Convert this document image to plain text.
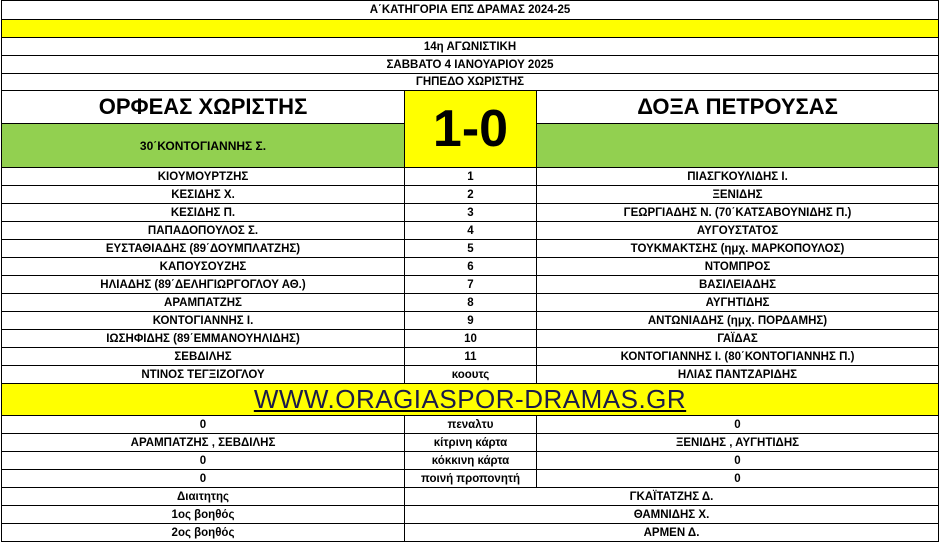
Α΄ΚΑΤΗΓΟΡΙΑ ΕΠΣ ΔΡΑΜΑΣ 2024-25		

14η ΑΓΩΝΙΣΤΙΚΗ		
ΣΑΒΒΑΤΟ 4 ΙΑΝΟΥΑΡΙΟΥ 2025		
ΓΗΠΕΔΟ ΧΩΡΙΣΤΗΣ		
ΟΡΦΕΑΣ ΧΩΡΙΣΤΗΣ	1-0	ΔΟΞΑ ΠΕΤΡΟΥΣΑΣ
30΄ΚΟΝΤΟΓΙΑΝΝΗΣ Σ.		
ΚΙΟΥΜΟΥΡΤΖΗΣ	1	ΠΙΑΣΓΚΟΥΛΙΔΗΣ Ι.
ΚΕΣΙΔΗΣ Χ.	2	ΞΕΝΙΔΗΣ
ΚΕΣΙΔΗΣ Π.	3	ΓΕΩΡΓΙΑΔΗΣ Ν. (70΄ΚΑΤΣΑΒΟΥΝΙΔΗΣ Π.)
ΠΑΠΑΔΟΠΟΥΛΟΣ Σ.	4	ΑΥΓΟΥΣΤΑΤΟΣ
ΕΥΣΤΑΘΙΑΔΗΣ (89΄ΔΟΥΜΠΛΑΤΖΗΣ)	5	ΤΟΥΚΜΑΚΤΣΗΣ (ημχ. ΜΑΡΚΟΠΟΥΛΟΣ)
ΚΑΠΟΥΣΟΥΖΗΣ	6	ΝΤΟΜΠΡΟΣ
ΗΛΙΑΔΗΣ (89΄ΔΕΛΗΓΙΩΡΓΟΓΛΟΥ ΑΘ.)	7	ΒΑΣΙΛΕΙΑΔΗΣ
ΑΡΑΜΠΑΤΖΗΣ	8	ΑΥΓΗΤΙΔΗΣ
ΚΟΝΤΟΓΙΑΝΝΗΣ Ι.	9	ΑΝΤΩΝΙΑΔΗΣ (ημχ. ΠΟΡΔΑΜΗΣ)
ΙΩΣΗΦΙΔΗΣ (89΄ΕΜΜΑΝΟΥΗΛΙΔΗΣ)	10	ΓΑΪΔΑΣ
ΣΕΒΔΙΛΗΣ	11	ΚΟΝΤΟΓΙΑΝΝΗΣ Ι. (80΄ΚΟΝΤΟΓΙΑΝΝΗΣ Π.)
ΝΤΙΝΟΣ ΤΕΓΞΙΖΟΓΛΟΥ	κοουτς	ΗΛΙΑΣ ΠΑΝΤΖΑΡΙΔΗΣ
WWW.ORAGIASPOR-DRAMAS.GR		
0	πεναλτυ	0
ΑΡΑΜΠΑΤΖΗΣ , ΣΕΒΔΙΛΗΣ	κίτρινη κάρτα	ΞΕΝΙΔΗΣ , ΑΥΓΗΤΙΔΗΣ
0	κόκκινη κάρτα	0
0	ποινή προπονητή	0
Διαιτητης	ΓΚΑΪΤΑΤΖΗΣ Δ.	
1ος βοηθός	ΘΑΜΝΙΔΗΣ Χ.	
2ος βοηθός	ΑΡΜΕΝ Δ.	
